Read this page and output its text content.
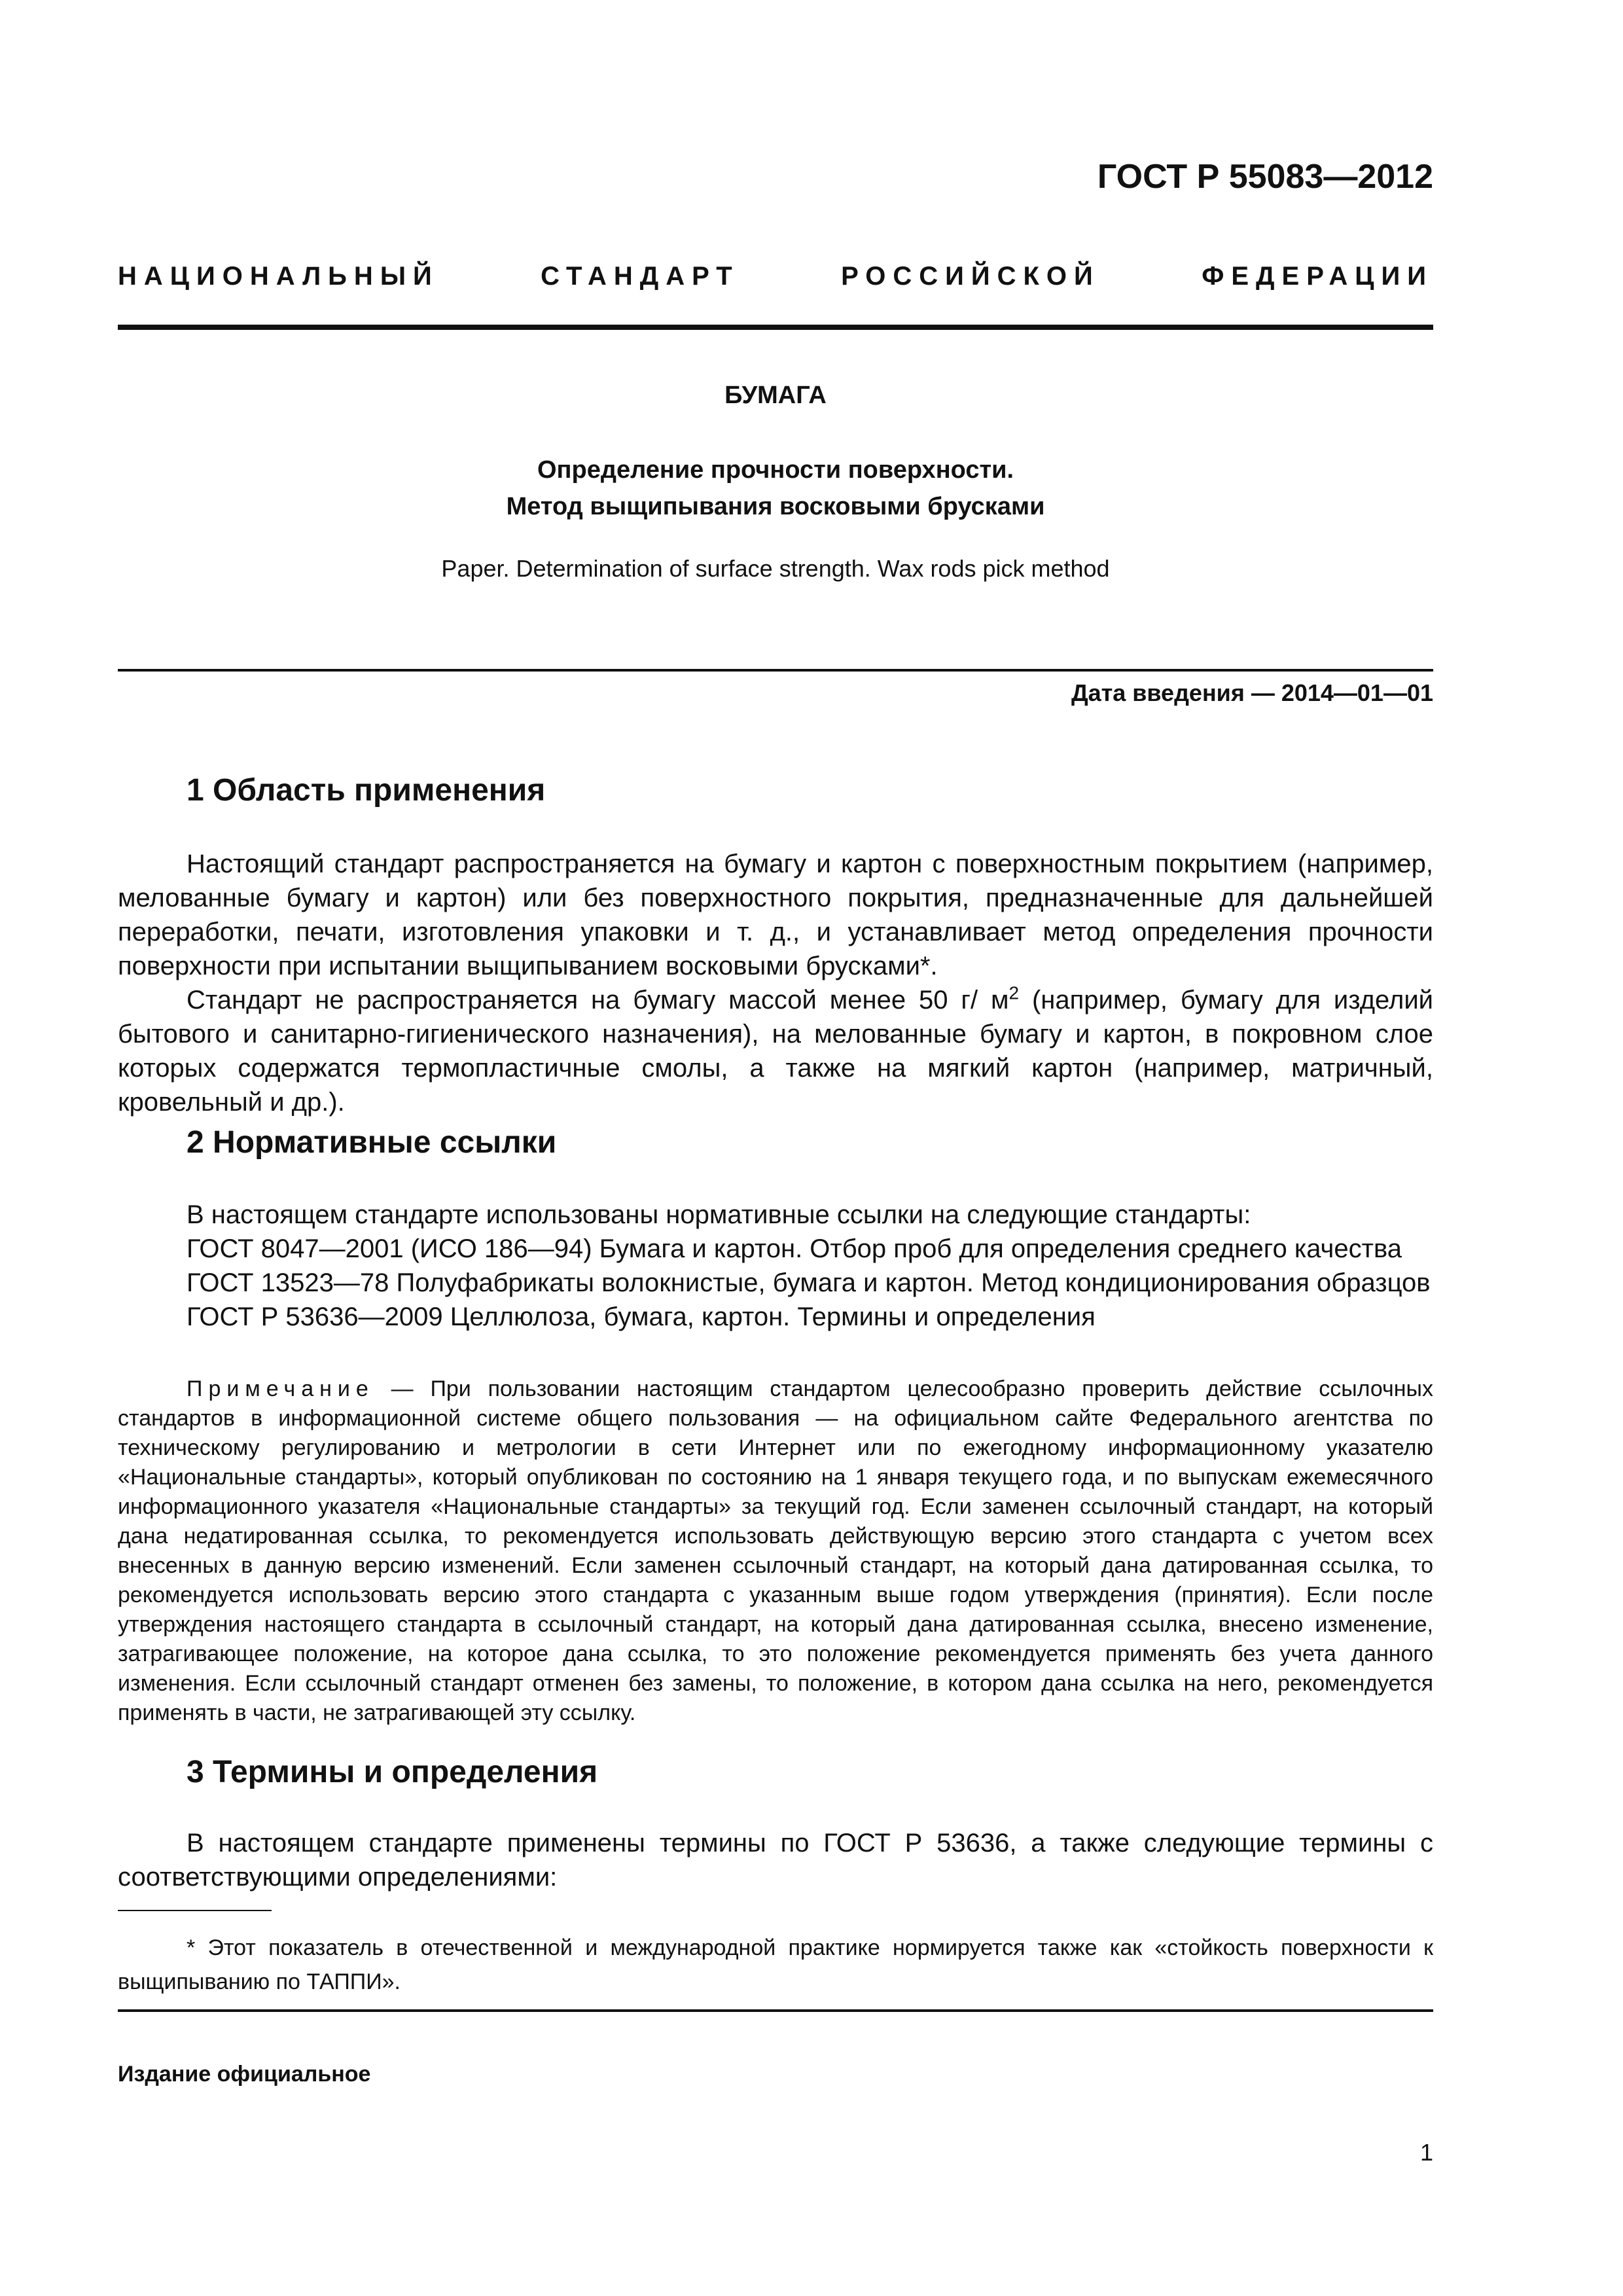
ГОСТ Р 55083—2012
НАЦИОНАЛЬНЫЙ	СТАНДАРТ	РОССИЙСКОЙ	ФЕДЕРАЦИИ
БУМАГА
Определение прочности поверхности.
Метод выщипывания восковыми брусками
Paper. Determination of surface strength. Wax rods pick method
Дата введения — 2014—01—01
1 Область применения

Настоящий стандарт распространяется на бумагу и картон с поверхностным покрытием (например, мелованные бумагу и картон) или без поверхностного покрытия, предназначенные для дальнейшей переработки, печати, изготовления упаковки и т. д., и устанавливает метод определения прочности поверхности при испытании выщипыванием восковыми брусками*.

Стандарт не распространяется на бумагу массой менее 50 г/ $м^2$ (например, бумагу для изделий бытового и санитарно-гигиенического назначения), на мелованные бумагу и картон, в покровном слое которых содержатся термопластичные смолы, а также на мягкий картон (например, матричный, кровельный и др.).

2 Нормативные ссылки

В настоящем стандарте использованы нормативные ссылки на следующие стандарты:

ГОСТ 8047—2001 (ИСО 186—94) Бумага и картон. Отбор проб для определения среднего качества

ГОСТ 13523—78 Полуфабрикаты волокнистые, бумага и картон. Метод кондиционирования образцов

ГОСТ Р 53636—2009 Целлюлоза, бумага, картон. Термины и определения

Примечание — При пользовании настоящим стандартом целесообразно проверить действие ссылочных стандартов в информационной системе общего пользования — на официальном сайте Федерального агентства по техническому регулированию и метрологии в сети Интернет или по ежегодному информационному указателю «Национальные стандарты», который опубликован по состоянию на 1 января текущего года, и по выпускам ежемесячного информационного указателя «Национальные стандарты» за текущий год. Если заменен ссылочный стандарт, на который дана недатированная ссылка, то рекомендуется использовать действующую версию этого стандарта с учетом всех внесенных в данную версию изменений. Если заменен ссылочный стандарт, на который дана датированная ссылка, то рекомендуется использовать версию этого стандарта с указанным выше годом утверждения (принятия). Если после утверждения настоящего стандарта в ссылочный стандарт, на который дана датированная ссылка, внесено изменение, затрагивающее положение, на которое дана ссылка, то это положение рекомендуется применять без учета данного изменения. Если ссылочный стандарт отменен без замены, то положение, в котором дана ссылка на него, рекомендуется применять в части, не затрагивающей эту ссылку.

3 Термины и определения

В настоящем стандарте применены термины по ГОСТ Р 53636, а также следующие термины с соответствующими определениями:

* Этот показатель в отечественной и международной практике нормируется также как «стойкость поверхности к выщипыванию по ТАППИ».

Издание официальное
1
